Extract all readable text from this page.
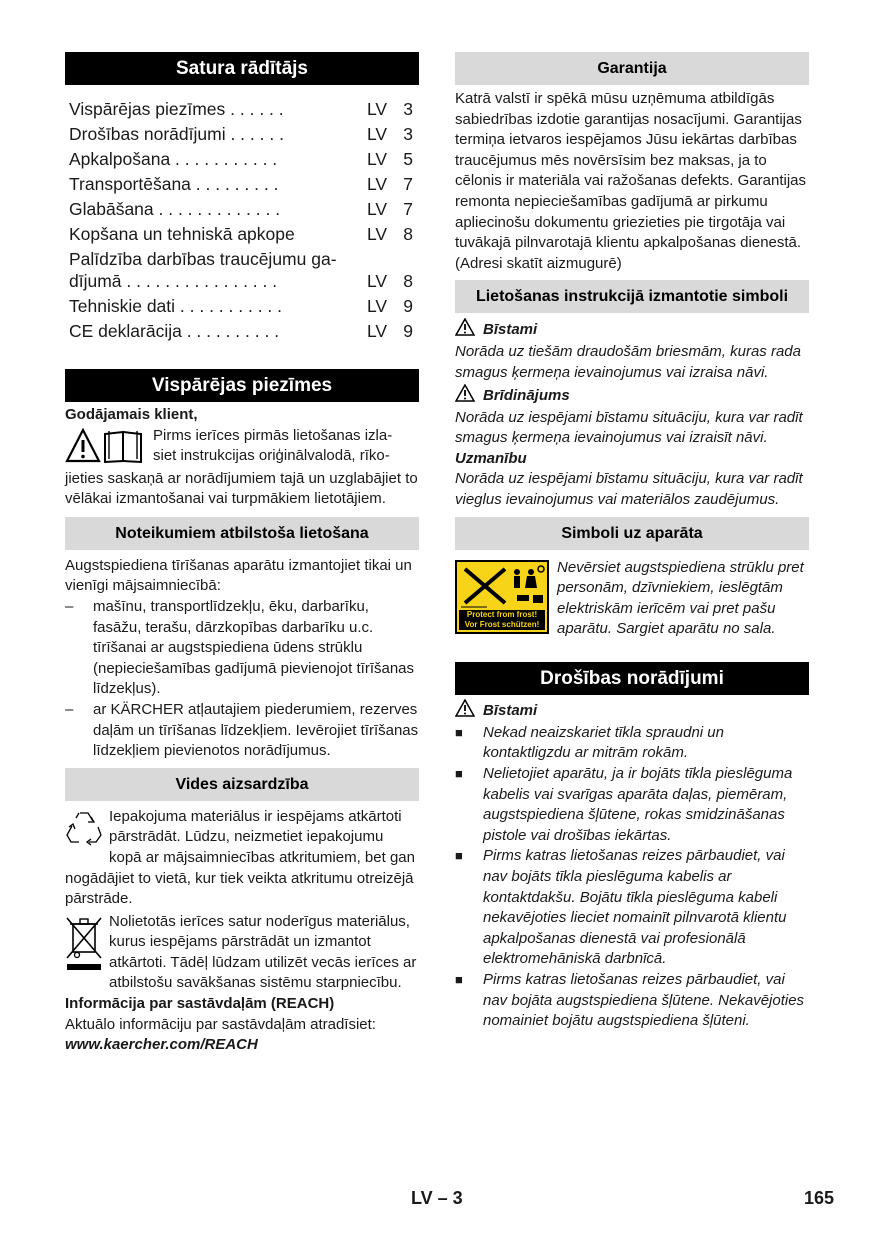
Satura rādītājs
Vispārējas piezīmes . . . . . .	LV 3
Drošības norādījumi . . . . . .	LV 3
Apkalpošana . . . . . . . . . . .	LV 5
Transportēšana . . . . . . . . .	LV 7
Glabāšana . . . . . . . . . . . . .	LV 7
Kopšana un tehniskā apkope	LV 8
Palīdzība darbības traucējumu ga-
dījumā . . . . . . . . . . . . . . . .	LV 8
Tehniskie dati . . . . . . . . . . .	LV 9
CE deklarācija . . . . . . . . . .	LV 9
Vispārējas piezīmes

Godājamais klient,

Pirms ierīces pirmās lietošanas izla-

siet instrukcijas oriģinālvalodā, rīko-

jieties saskaņā ar norādījumiem tajā un uzglabājiet to vēlākai izmantošanai vai turpmākiem lietotājiem.

Noteikumiem atbilstoša lietošana

Augstspiediena tīrīšanas aparātu izmantojiet tikai un vienīgi mājsaimniecībā:

–	mašīnu, transportlīdzekļu, ēku, darbarīku, fasāžu, terašu, dārzkopības darbarīku u.c. tīrīšanai ar augstspiediena ūdens strūklu (nepieciešamības gadījumā pievienojot tīrīšanas līdzekļus).
–	ar KÄRCHER atļautajiem piederumiem, rezerves daļām un tīrīšanas līdzekļiem. Ievērojiet tīrīšanas līdzekļiem pievienotos norādījumus.
Vides aizsardzība

Iepakojuma materiālus ir iespējams atkārtoti pārstrādāt. Lūdzu, neizmetiet iepakojumu kopā ar mājsaimniecības atkritumiem, bet gan nogādājiet to vietā, kur tiek veikta atkritumu otreizējā pārstrāde.

Nolietotās ierīces satur noderīgus materiālus, kurus iespējams pārstrādāt un izmantot atkārtoti. Tādēļ lūdzam utilizēt vecās ierīces ar atbilstošu savākšanas sistēmu starpniecību.

Informācija par sastāvdaļām (REACH)

Aktuālo informāciju par sastāvdaļām atradīsiet:

www.kaercher.com/REACH

Garantija

Katrā valstī ir spēkā mūsu uzņēmuma atbildīgās sabiedrības izdotie garantijas nosacījumi. Garantijas termiņa ietvaros iespējamos Jūsu iekārtas darbības traucējumus mēs novērsīsim bez maksas, ja to cēlonis ir materiāla vai ražošanas defekts. Garantijas remonta nepieciešamības gadījumā ar pirkumu apliecinošu dokumentu griezieties pie tirgotāja vai tuvākajā pilnvarotajā klientu apkalpošanas dienestā.

(Adresi skatīt aizmugurē)

Lietošanas instrukcijā izmantotie simboli
Bīstami

Norāda uz tiešām draudošām briesmām, kuras rada smagus ķermeņa ievainojumus vai izraisa nāvi.

Brīdinājums

Norāda uz iespējami bīstamu situāciju, kura var radīt smagus ķermeņa ievainojumus vai izraisīt nāvi.

Uzmanību

Norāda uz iespējami bīstamu situāciju, kura var radīt vieglus ievainojumus vai materiālos zaudējumus.

Simboli uz aparāta
Protect from frost!
Vor Frost schützen!

Nevērsiet augstspiediena strūklu pret personām, dzīvniekiem, ieslēgtām elektriskām ierīcēm vai pret pašu aparātu. Sargiet aparātu no sala.

Drošības norādījumi
Bīstami
■	Nekad neaizskariet tīkla spraudni un kontaktligzdu ar mitrām rokām.
■	Nelietojiet aparātu, ja ir bojāts tīkla pieslēguma kabelis vai svarīgas aparāta daļas, piemēram, augstspiediena šļūtene, rokas smidzināšanas pistole vai drošības iekārtas.
■	Pirms katras lietošanas reizes pārbaudiet, vai nav bojāts tīkla pieslēguma kabelis ar kontaktdakšu. Bojātu tīkla pieslēguma kabeli nekavējoties lieciet nomainīt pilnvarotā klientu apkalpošanas dienestā vai profesionālā elektromehāniskā darbnīcā.
■	Pirms katras lietošanas reizes pārbaudiet, vai nav bojāta augstspiediena šļūtene. Nekavējoties nomainiet bojātu augstspiediena šļūteni.
LV – 3	165
